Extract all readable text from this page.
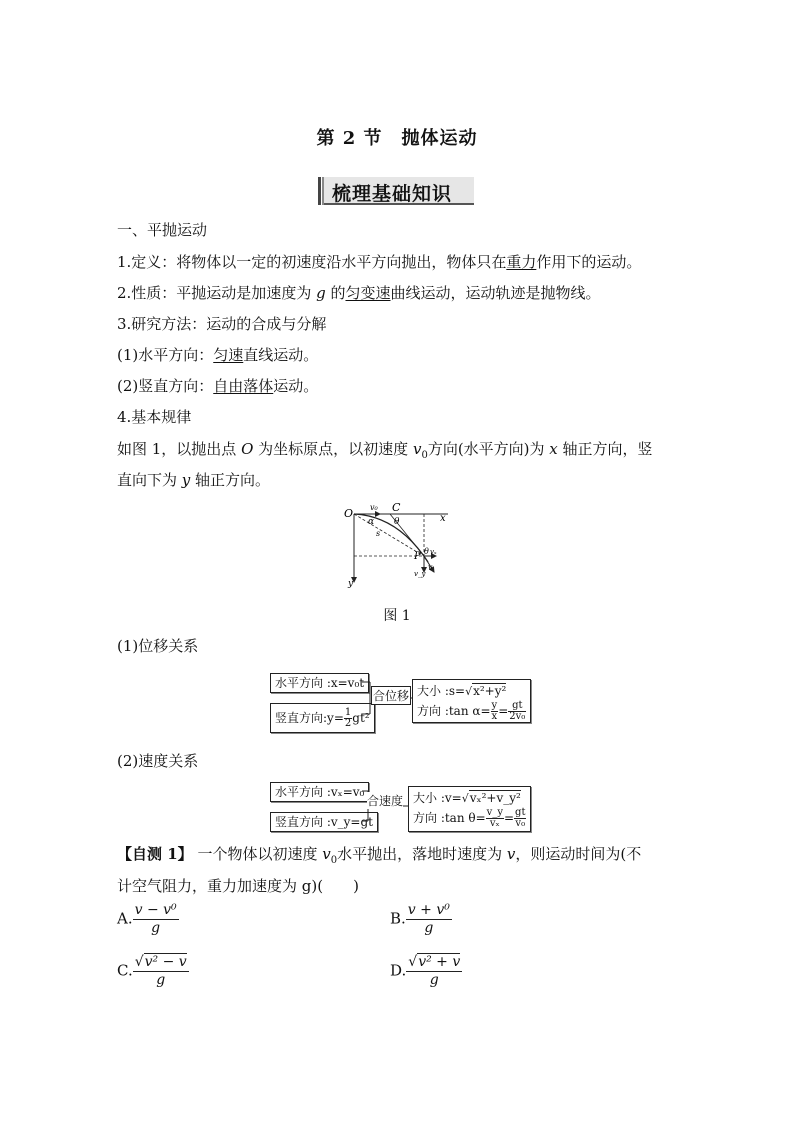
第 2 节　抛体运动
梳理基础知识
一、平抛运动
1.定义：将物体以一定的初速度沿水平方向抛出，物体只在重力作用下的运动。
2.性质：平抛运动是加速度为 g 的匀变速曲线运动，运动轨迹是抛物线。
3.研究方法：运动的合成与分解
(1)水平方向：匀速直线运动。
(2)竖直方向：自由落体运动。
4.基本规律
如图 1，以抛出点 O 为坐标原点，以初速度 $v_0$方向(水平方向)为 x 轴正方向，竖
直向下为 y 轴正方向。
O v₀ C
x
α θ
s
P θ vₓ
v_y
v
y
图 1
(1)位移关系
水平方向 :x=v₀t
竖直方向:y= $\frac{1}{2} gt^2$
合位移 大小 :s=√x²+y²
方向 :tan $\alpha= \frac{y}{x} = \frac{gt}{\text{2v₀}}$
(2)速度关系
水平方向 :vₓ=v₀
竖直方向 :v_y=gt
合速度 大小 :v=√vₓ²+v_y²
方向 :tan $\theta= \frac{v\_y}{\text{vₓ}} = \frac{gt}{\text{v₀}}$
【自测 1】 一个物体以初速度 $v_0$水平抛出，落地时速度为 v，则运动时间为(不
计空气阻力，重力加速度为 g)(　　)
A. $\frac{\text{v − v⁰}}{g}$	B. $\frac{\text{v + v⁰}}{g}$
C. $\frac{\text{√v² − v}}{g}$	D. $\frac{\text{√v² + v}}{g}$
